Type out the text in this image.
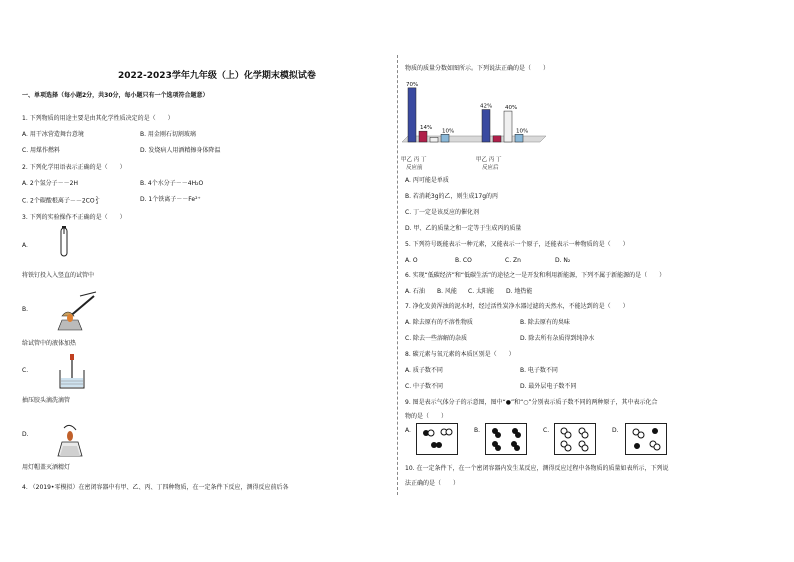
2022-2023学年九年级（上）化学期末模拟试卷
一、单项选择（每小题2分，共30分，每小题只有一个选项符合题意）
1. 下列物质的用途主要是由其化学性质决定的是（　　）
A. 用干冰营造舞台意境	B. 用金刚石切割玻璃
C. 用煤作燃料	D. 发烧病人用酒精擦身体降温
2. 下列化学用语表示正确的是（　　）
A. 2个氢分子－－2H	B. 4个水分子－－4H₂O
C. 2个碳酸根离子－－2CO 2-
3	D. 1个铁离子－－Fe²⁺
3. 下列的实验操作不正确的是（　　）
A.
将铁钉投入入竖直的试管中
B.
给试管中的液体加热
C.
抽压胶头滴洗滴管
D.
用灯帽盖灭酒精灯
4. （2019•零模拟）在密闭容器中有甲、乙、丙、丁四种物质，在一定条件下反应，测得反应前后各
物质的质量分数如图所示。下列说法正确的是（　　）
70%
14%
10%
42% 40%
10%
甲乙 丙 丁	甲乙 丙 丁
反应前	反应后
A. 丙可能是单质
B. 若消耗3g的乙，则生成17g的丙
C. 丁一定是该反应的催化剂
D. 甲、乙的质量之和一定等于生成丙的质量
5. 下列符号既能表示一种元素，又能表示一个原子，还能表示一种物质的是（　　）
A. O	B. CO	C. Zn	D. N₂
6. 实现“低碳经济”和“低碳生活”的途径之一是开发和利用新能源，下列不属于新能源的是（　　）
A. 石油 B. 风能 C. 太阳能 D. 地热能
7. 净化发黄浑浊的泥水时，经过活性炭净水器过滤的天然水，不能达到的是（　　）
A. 除去原有的不溶性物质	B. 除去原有的臭味
C. 除去一些溶解的杂质	D. 除去所有杂质得到纯净水
8. 碳元素与氧元素的本质区别是（　　）
A. 质子数不同	B. 电子数不同
C. 中子数不同	D. 最外层电子数不同
9. 图是表示气体分子的示意图，图中“●”和“○”分别表示质子数不同的两种原子，其中表示化合
物的是（　　）
A.	B.	C.	D.
10. 在一定条件下，在一个密闭容器内发生某反应，测得反应过程中各物质的质量如表所示，下列说
法正确的是（　　）
